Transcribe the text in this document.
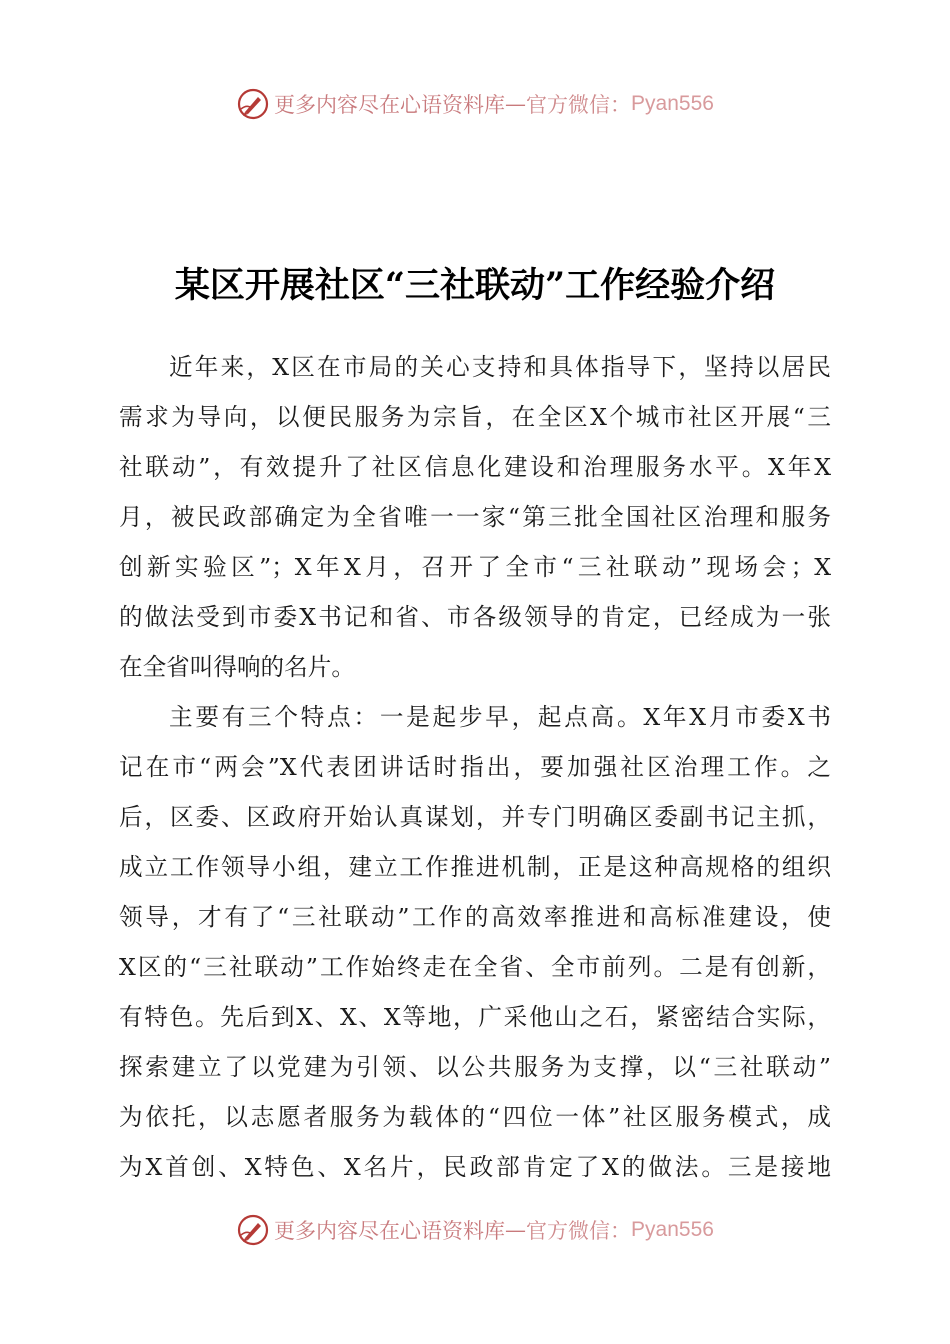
更多内容尽在心语资料库 — 官方微信： Pyan556
某区开展社区“三社联动”工作经验介绍
近年来，X区在市局的关心支持和具体指导下，坚持以居民
需求为导向，以便民服务为宗旨，在全区X个城市社区开展“三
社联动”，有效提升了社区信息化建设和治理服务水平。X年X
月，被民政部确定为全省唯一一家“第三批全国社区治理和服务
创新实验区”；X年X月，召开了全市“三社联动”现场会；X
的做法受到市委X书记和省、市各级领导的肯定，已经成为一张
在全省叫得响的名片。
主要有三个特点：一是起步早，起点高。X年X月市委X书
记在市“两会”X代表团讲话时指出，要加强社区治理工作。之
后，区委、区政府开始认真谋划，并专门明确区委副书记主抓，
成立工作领导小组，建立工作推进机制，正是这种高规格的组织
领导，才有了“三社联动”工作的高效率推进和高标准建设，使
X区的“三社联动”工作始终走在全省、全市前列。二是有创新，
有特色。先后到X、X、X等地，广采他山之石，紧密结合实际，
探索建立了以党建为引领、以公共服务为支撑，以“三社联动”
为依托，以志愿者服务为载体的“四位一体”社区服务模式，成
为X首创、X特色、X名片，民政部肯定了X的做法。三是接地
更多内容尽在心语资料库 — 官方微信： Pyan556
